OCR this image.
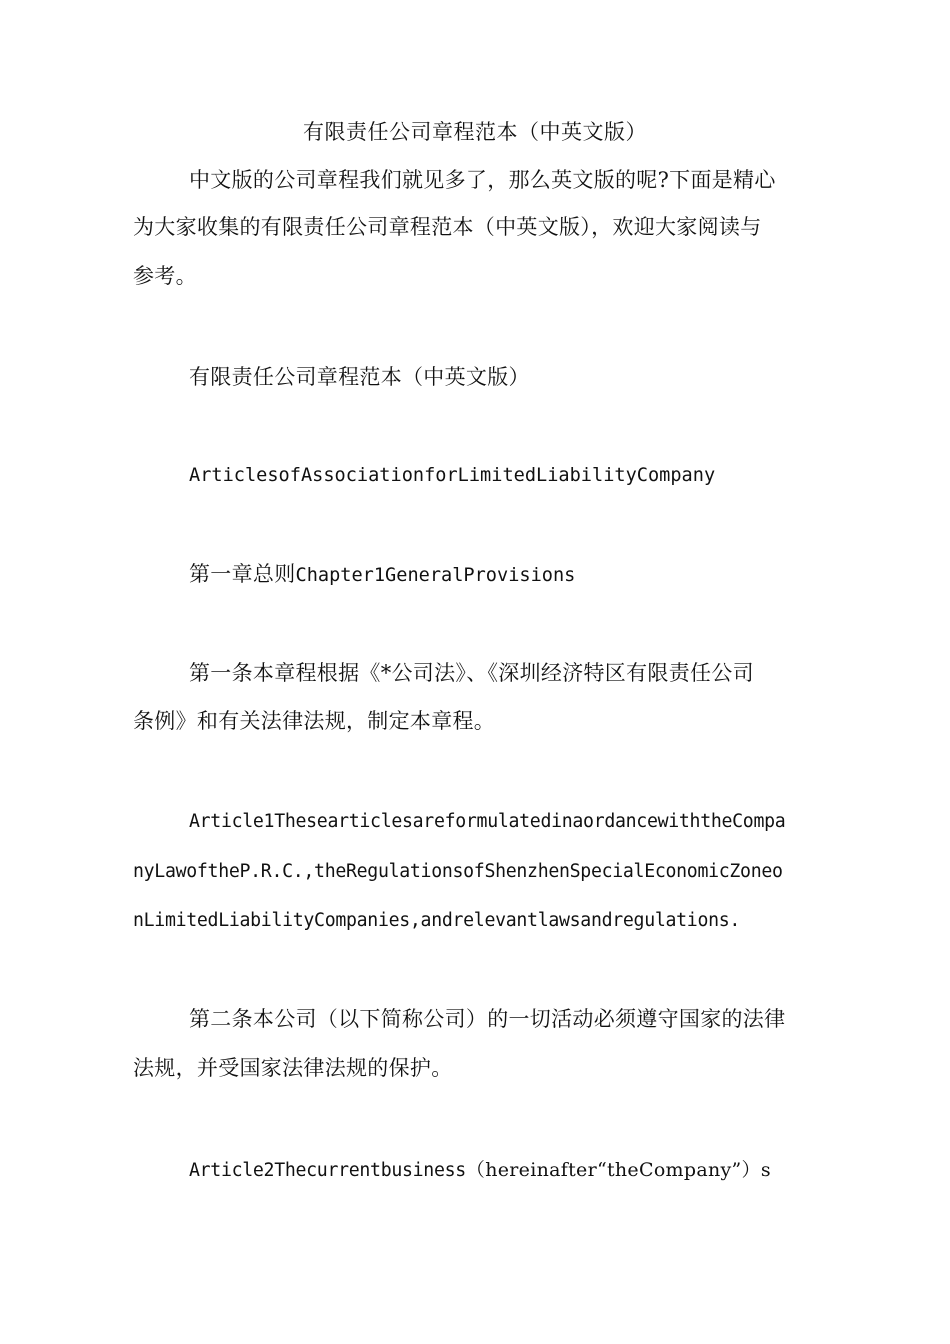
有限责任公司章程范本（中英文版）
中文版的公司章程我们就见多了，那么英文版的呢?下面是精心
为大家收集的有限责任公司章程范本（中英文版），欢迎大家阅读与
参考。
有限责任公司章程范本（中英文版）
ArticlesofAssociationforLimitedLiabilityCompany
第一章总则Chapter1GeneralProvisions
第一条本章程根据《*公司法》、《深圳经济特区有限责任公司
条例》和有关法律法规，制定本章程。
Article1ThesearticlesareformulatedinaordancewiththeCompa
nyLawoftheP.R.C.,theRegulationsofShenzhenSpecialEconomicZoneo
nLimitedLiabilityCompanies,andrelevantlawsandregulations.
第二条本公司（以下简称公司）的一切活动必须遵守国家的法律
法规，并受国家法律法规的保护。
Article2Thecurrentbusiness（hereinafter“theCompany”）s
